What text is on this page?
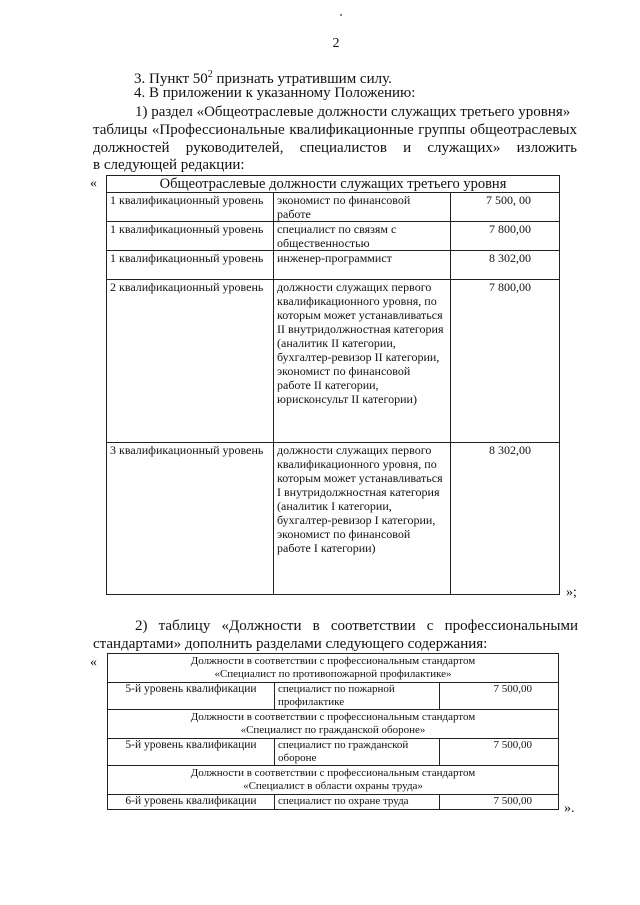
2
3. Пункт $50^2$ признать утратившим силу.
4. В приложении к указанному Положению:
1) раздел «Общеотраслевые должности служащих третьего уровня»
таблицы «Профессиональные квалификационные группы общеотраслевых
должностей руководителей, специалистов и служащих» изложить
в следующей редакции:
«	Общеотраслевые должности служащих третьего уровня		
1 квалификационный уровень	экономист по финансовой работе	7 500, 00
1 квалификационный уровень	специалист по связям с общественностью	7 800,00
1 квалификационный уровень	инженер-программист	8 302,00
2 квалификационный уровень	должности служащих первого квалификационного уровня, по которым может устанавливаться II внутридолжностная категория (аналитик II категории, бухгалтер-ревизор II категории, экономист по финансовой работе II категории, юрисконсульт II категории)	7 800,00
3 квалификационный уровень	должности служащих первого квалификационного уровня, по которым может устанавливаться I внутридолжностная категория (аналитик I категории, бухгалтер-ревизор I категории, экономист по финансовой работе I категории)	8 302,00
»;
2) таблицу «Должности в соответствии с профессиональными
стандартами» дополнить разделами следующего содержания:
«	Должности в соответствии с профессиональным стандартом
«Специалист по противопожарной профилактике»		

5-й уровень квалификации	специалист по пожарной профилактике	7 500,00

Должности в соответствии с профессиональным стандартом
«Специалист по гражданской обороне»		

5-й уровень квалификации	специалист по гражданской обороне	7 500,00

Должности в соответствии с профессиональным стандартом
«Специалист в области охраны труда»		

6-й уровень квалификации	специалист по охране труда	7 500,00 ».
